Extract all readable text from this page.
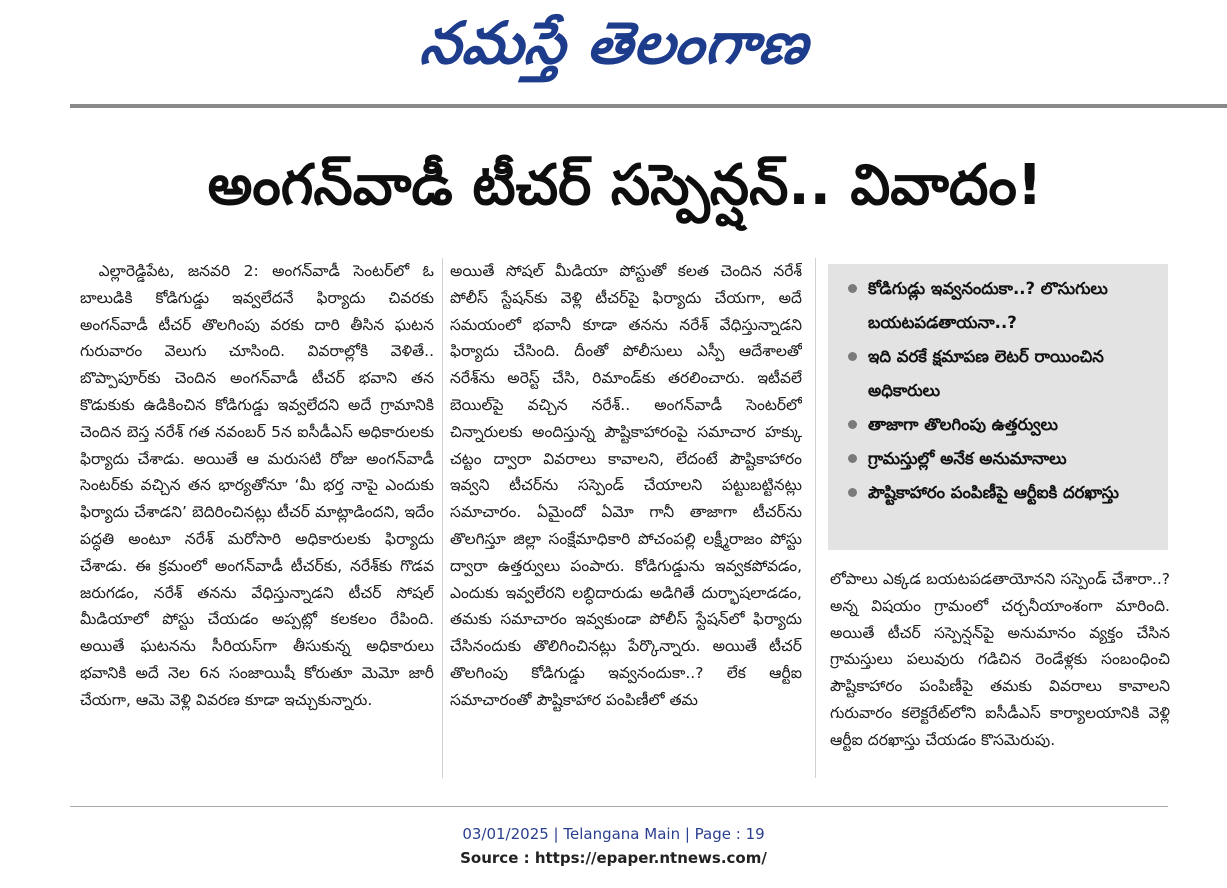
నమస్తే తెలంగాణ
అంగన్‌వాడీ టీచర్‌ సస్పెన్షన్‌.. వివాదం!

ఎల్లారెడ్డిపేట, జనవరి 2: అంగన్‌వాడీ సెంటర్‌లో ఓ బాలుడికి కోడిగుడ్డు ఇవ్వలేదనే ఫిర్యాదు చివరకు అంగన్‌వాడీ టీచర్‌ తొలగింపు వరకు దారి తీసిన ఘటన గురువారం వెలుగు చూసింది. వివరాల్లోకి వెళితే.. బొప్పాపూర్‌కు చెందిన అంగన్‌వాడీ టీచర్‌ భవాని తన కొడుకుకు ఉడికించిన కోడిగుడ్డు ఇవ్వలేదని అదే గ్రామానికి చెందిన బెస్త నరేశ్‌ గత నవంబర్‌ 5న ఐసీడీఎస్‌ అధికారులకు ఫిర్యాదు చేశాడు. అయితే ఆ మరుసటి రోజు అంగన్‌వాడీ సెంటర్‌కు వచ్చిన తన భార్యతోనూ ‘మీ భర్త నాపై ఎందుకు ఫిర్యాదు చేశాడని’ బెదిరించినట్లు టీచర్‌ మాట్లాడిందని, ఇదేం పద్ధతి అంటూ నరేశ్‌ మరోసారి అధికారులకు ఫిర్యాదు చేశాడు. ఈ క్రమంలో అంగన్‌వాడీ టీచర్‌కు, నరేశ్‌కు గొడవ జరుగడం, నరేశ్‌ తనను వేధిస్తున్నాడని టీచర్‌ సోషల్‌ మీడియాలో పోస్టు చేయడం అప్పట్లో కలకలం రేపింది. అయితే ఘటనను సీరియస్‌గా తీసుకున్న అధికారులు భవానికి అదే నెల 6న సంజాయిషీ కోరుతూ మెమో జారీ చేయగా, ఆమె వెళ్లి వివరణ కూడా ఇచ్చుకున్నారు.

అయితే సోషల్‌ మీడియా పోస్టుతో కలత చెందిన నరేశ్‌ పోలీస్‌ స్టేషన్‌కు వెళ్లి టీచర్‌పై ఫిర్యాదు చేయగా, అదే సమయంలో భవానీ కూడా తనను నరేశ్‌ వేధిస్తున్నాడని ఫిర్యాదు చేసింది. దీంతో పోలీసులు ఎస్పీ ఆదేశాలతో నరేశ్‌ను అరెస్ట్‌ చేసి, రిమాండ్‌కు తరలించారు. ఇటీవలే బెయిల్‌పై వచ్చిన నరేశ్‌.. అంగన్‌వాడీ సెంటర్‌లో చిన్నారులకు అందిస్తున్న పౌష్టికాహారంపై సమాచార హక్కు చట్టం ద్వారా వివరాలు కావాలని, లేదంటే పౌష్టికాహారం ఇవ్వని టీచర్‌ను సస్పెండ్‌ చేయాలని పట్టుబట్టినట్లు సమాచారం. ఏమైందో ఏమో గానీ తాజాగా టీచర్‌ను తొలగిస్తూ జిల్లా సంక్షేమాధికారి పోచంపల్లి లక్ష్మీరాజం పోస్టు ద్వారా ఉత్తర్వులు పంపారు. కోడిగుడ్డును ఇవ్వకపోవడం, ఎందుకు ఇవ్వలేరని లబ్ధిదారుడు అడిగితే దుర్భాషలాడడం, తమకు సమాచారం ఇవ్వకుండా పోలీస్‌ స్టేషన్‌లో ఫిర్యాదు చేసినందుకు తొలిగించినట్లు పేర్కొన్నారు. అయితే టీచర్‌ తొలగింపు కోడిగుడ్డు ఇవ్వనందుకా..? లేక ఆర్టీఐ సమాచారంతో పౌష్టికాహార పంపిణీలో తమ

కోడిగుడ్లు ఇవ్వనందుకా..? లొసుగులు బయటపడతాయనా..?
ఇది వరకే క్షమాపణ లెటర్‌ రాయించిన అధికారులు
తాజాగా తొలగింపు ఉత్తర్వులు
గ్రామస్తుల్లో అనేక అనుమానాలు
పౌష్టికాహారం పంపిణీపై ఆర్టీఐకి దరఖాస్తు

లోపాలు ఎక్కడ బయటపడతాయోనని సస్పెండ్‌ చేశారా..? అన్న విషయం గ్రామంలో చర్చనీయాంశంగా మారింది. అయితే టీచర్‌ సస్పెన్షన్‌పై అనుమానం వ్యక్తం చేసిన గ్రామస్తులు పలువురు గడిచిన రెండేళ్లకు సంబంధించి పౌష్టికాహారం పంపిణీపై తమకు వివరాలు కావాలని గురువారం కలెక్టరేట్‌లోని ఐసీడీఎస్‌ కార్యాలయానికి వెళ్లి ఆర్టీఐ దరఖాస్తు చేయడం కొసమెరుపు.

03/01/2025 | Telangana Main | Page : 19
Source : https://epaper.ntnews.com/
